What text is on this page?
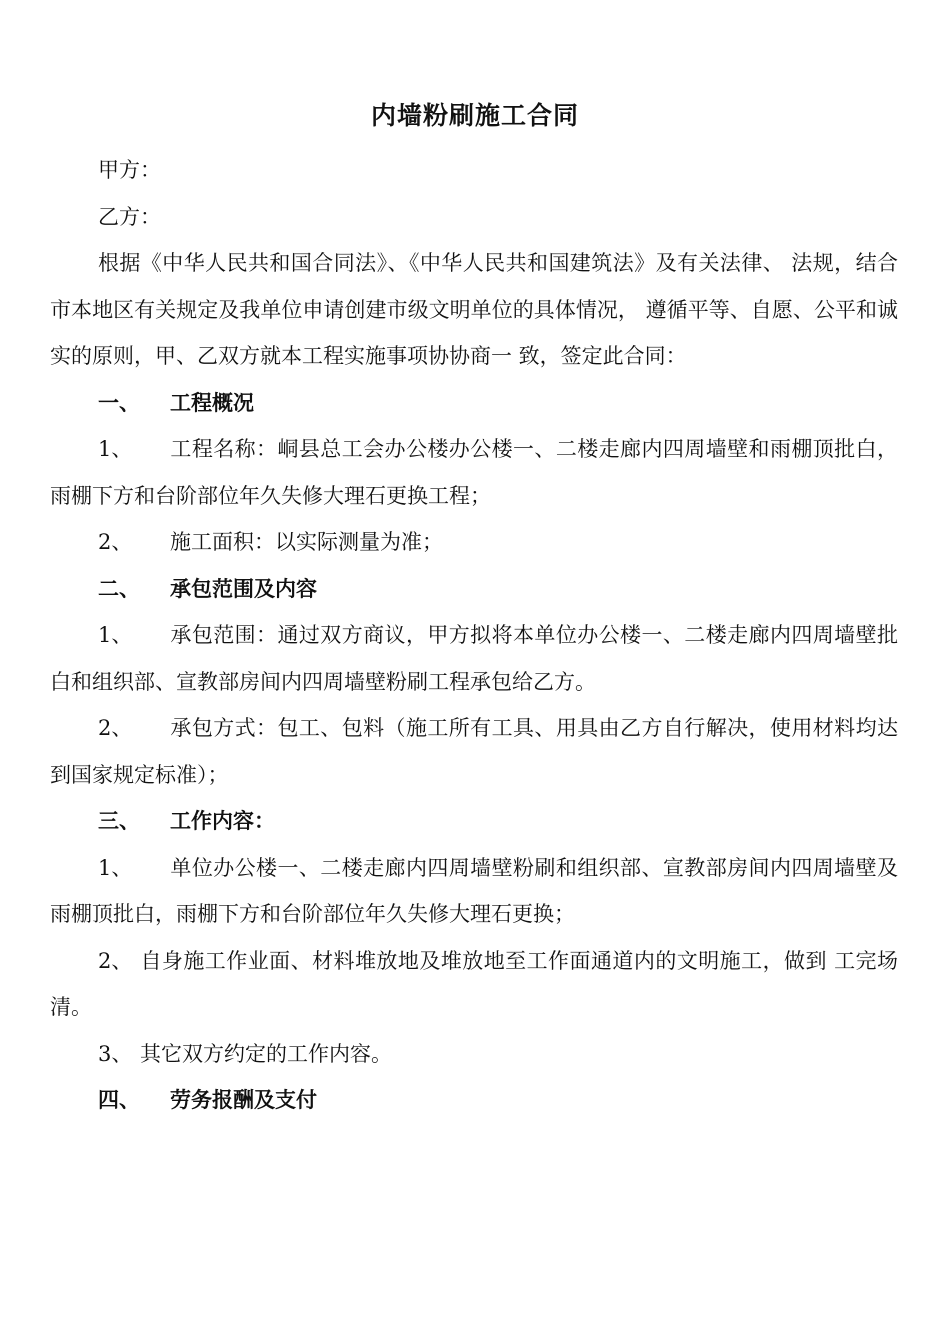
内墙粉刷施工合同

甲方：

乙方：

根据《中华人民共和国合同法》、《中华人民共和国建筑法》及有关法律、 法规，结合 市本地区有关规定及我单位申请创建市级文明单位的具体情况， 遵循平等、自愿、公平和诚实的原则，甲、乙双方就本工程实施事项协协商一 致，签定此合同：

一、 工程概况

1、 工程名称：峒县总工会办公楼办公楼一、二楼走廊内四周墙壁和雨棚顶批白，雨棚下方和台阶部位年久失修大理石更换工程；

2、 施工面积：以实际测量为准；

二、 承包范围及内容

1、 承包范围：通过双方商议，甲方拟将本单位办公楼一、二楼走廊内四周墙壁批白和组织部、宣教部房间内四周墙壁粉刷工程承包给乙方。

2、 承包方式：包工、包料（施工所有工具、用具由乙方自行解决，使用材料均达到国家规定标准）；

三、 工作内容：

1、 单位办公楼一、二楼走廊内四周墙壁粉刷和组织部、宣教部房间内四周墙壁及雨棚顶批白，雨棚下方和台阶部位年久失修大理石更换；

2、 自身施工作业面、材料堆放地及堆放地至工作面通道内的文明施工，做到 工完场清。

3、 其它双方约定的工作内容。

四、 劳务报酬及支付
